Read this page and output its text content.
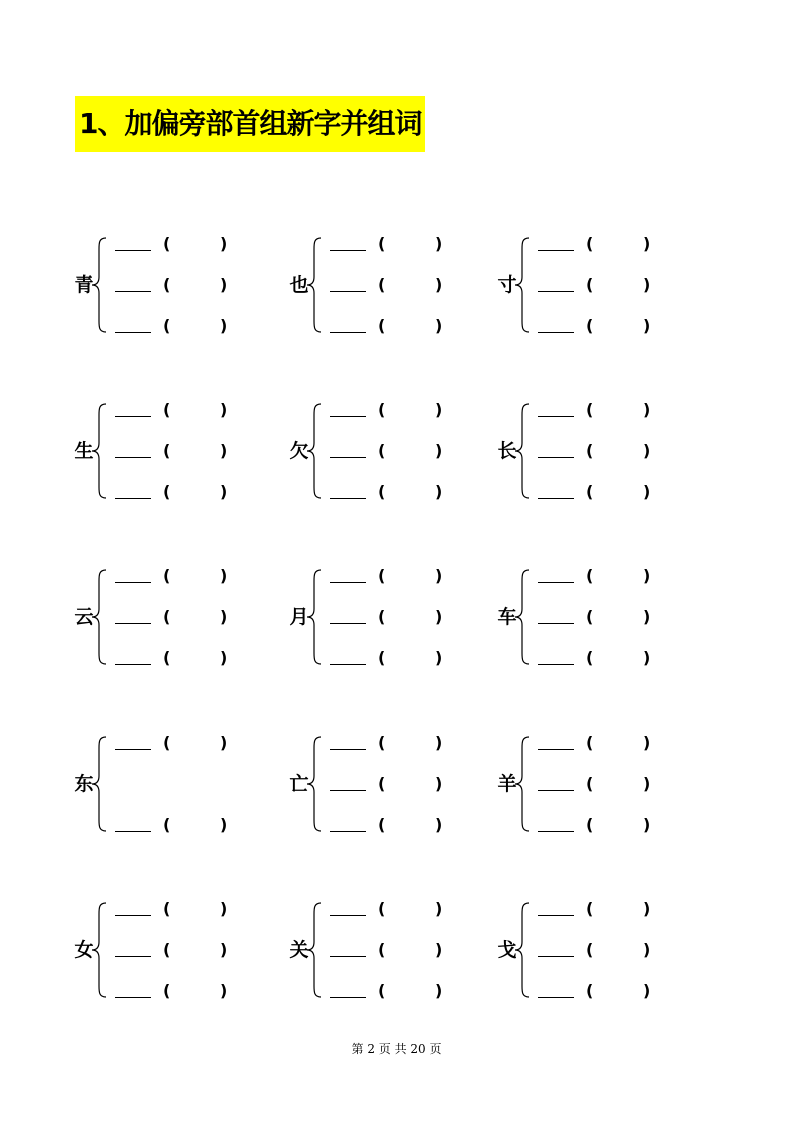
1、加偏旁部首组新字并组词
青
(	)
(	)
(	)
也
(	)
(	)
(	)
寸
(	)
(	)
(	)
生
(	)
(	)
(	)
欠
(	)
(	)
(	)
长
(	)
(	)
(	)
云
(	)
(	)
(	)
月
(	)
(	)
(	)
车
(	)
(	)
(	)
东
(	)
(	)
亡
(	)
(	)
(	)
羊
(	)
(	)
(	)
女
(	)
(	)
(	)
关
(	)
(	)
(	)
戈
(	)
(	)
(	)
第 2 页 共 20 页
